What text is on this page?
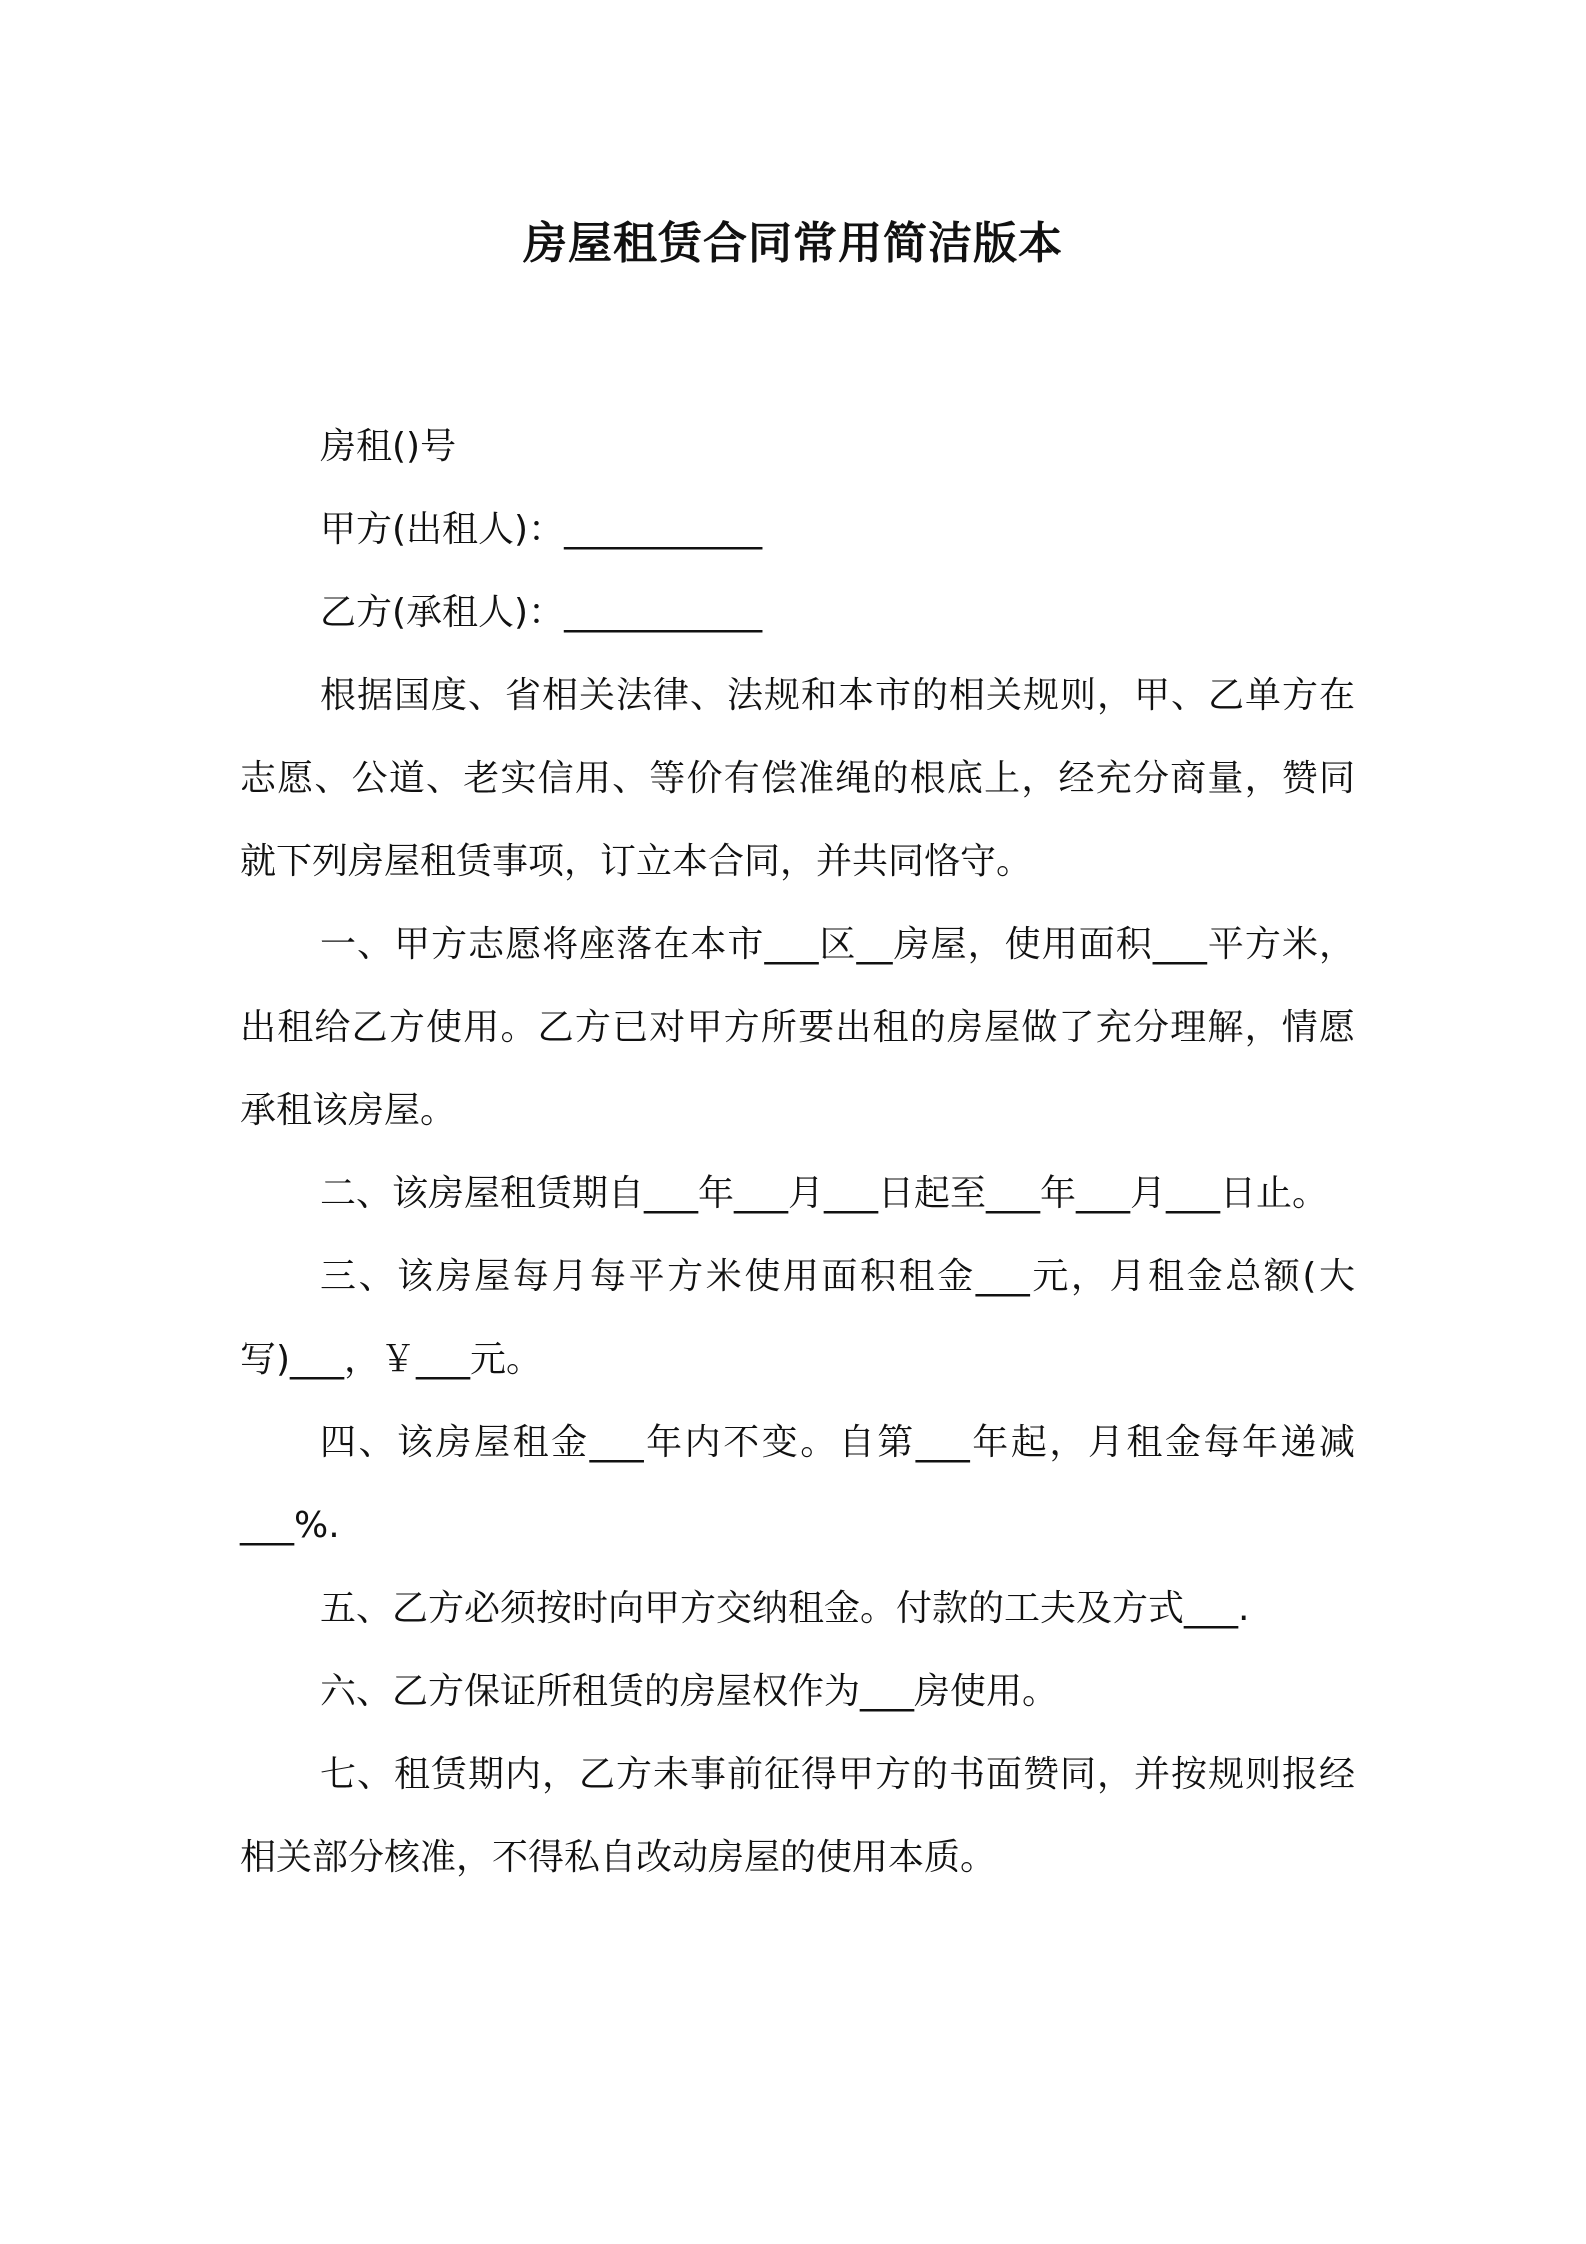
房屋租赁合同常用简洁版本

房租()号

甲方(出租人)：___________

乙方(承租人)：___________

根据国度、省相关法律、法规和本市的相关规则，甲、乙单方在志愿、公道、老实信用、等价有偿准绳的根底上，经充分商量，赞同就下列房屋租赁事项，订立本合同，并共同恪守。

一、甲方志愿将座落在本市___区__房屋，使用面积___平方米，出租给乙方使用。乙方已对甲方所要出租的房屋做了充分理解，情愿承租该房屋。

二、该房屋租赁期自___年___月___日起至___年___月___日止。

三、该房屋每月每平方米使用面积租金___元，月租金总额(大写)___，￥___元。

四、该房屋租金___年内不变。自第___年起，月租金每年递减___%.

五、乙方必须按时向甲方交纳租金。付款的工夫及方式___.

六、乙方保证所租赁的房屋权作为___房使用。

七、租赁期内，乙方未事前征得甲方的书面赞同，并按规则报经相关部分核准，不得私自改动房屋的使用本质。
